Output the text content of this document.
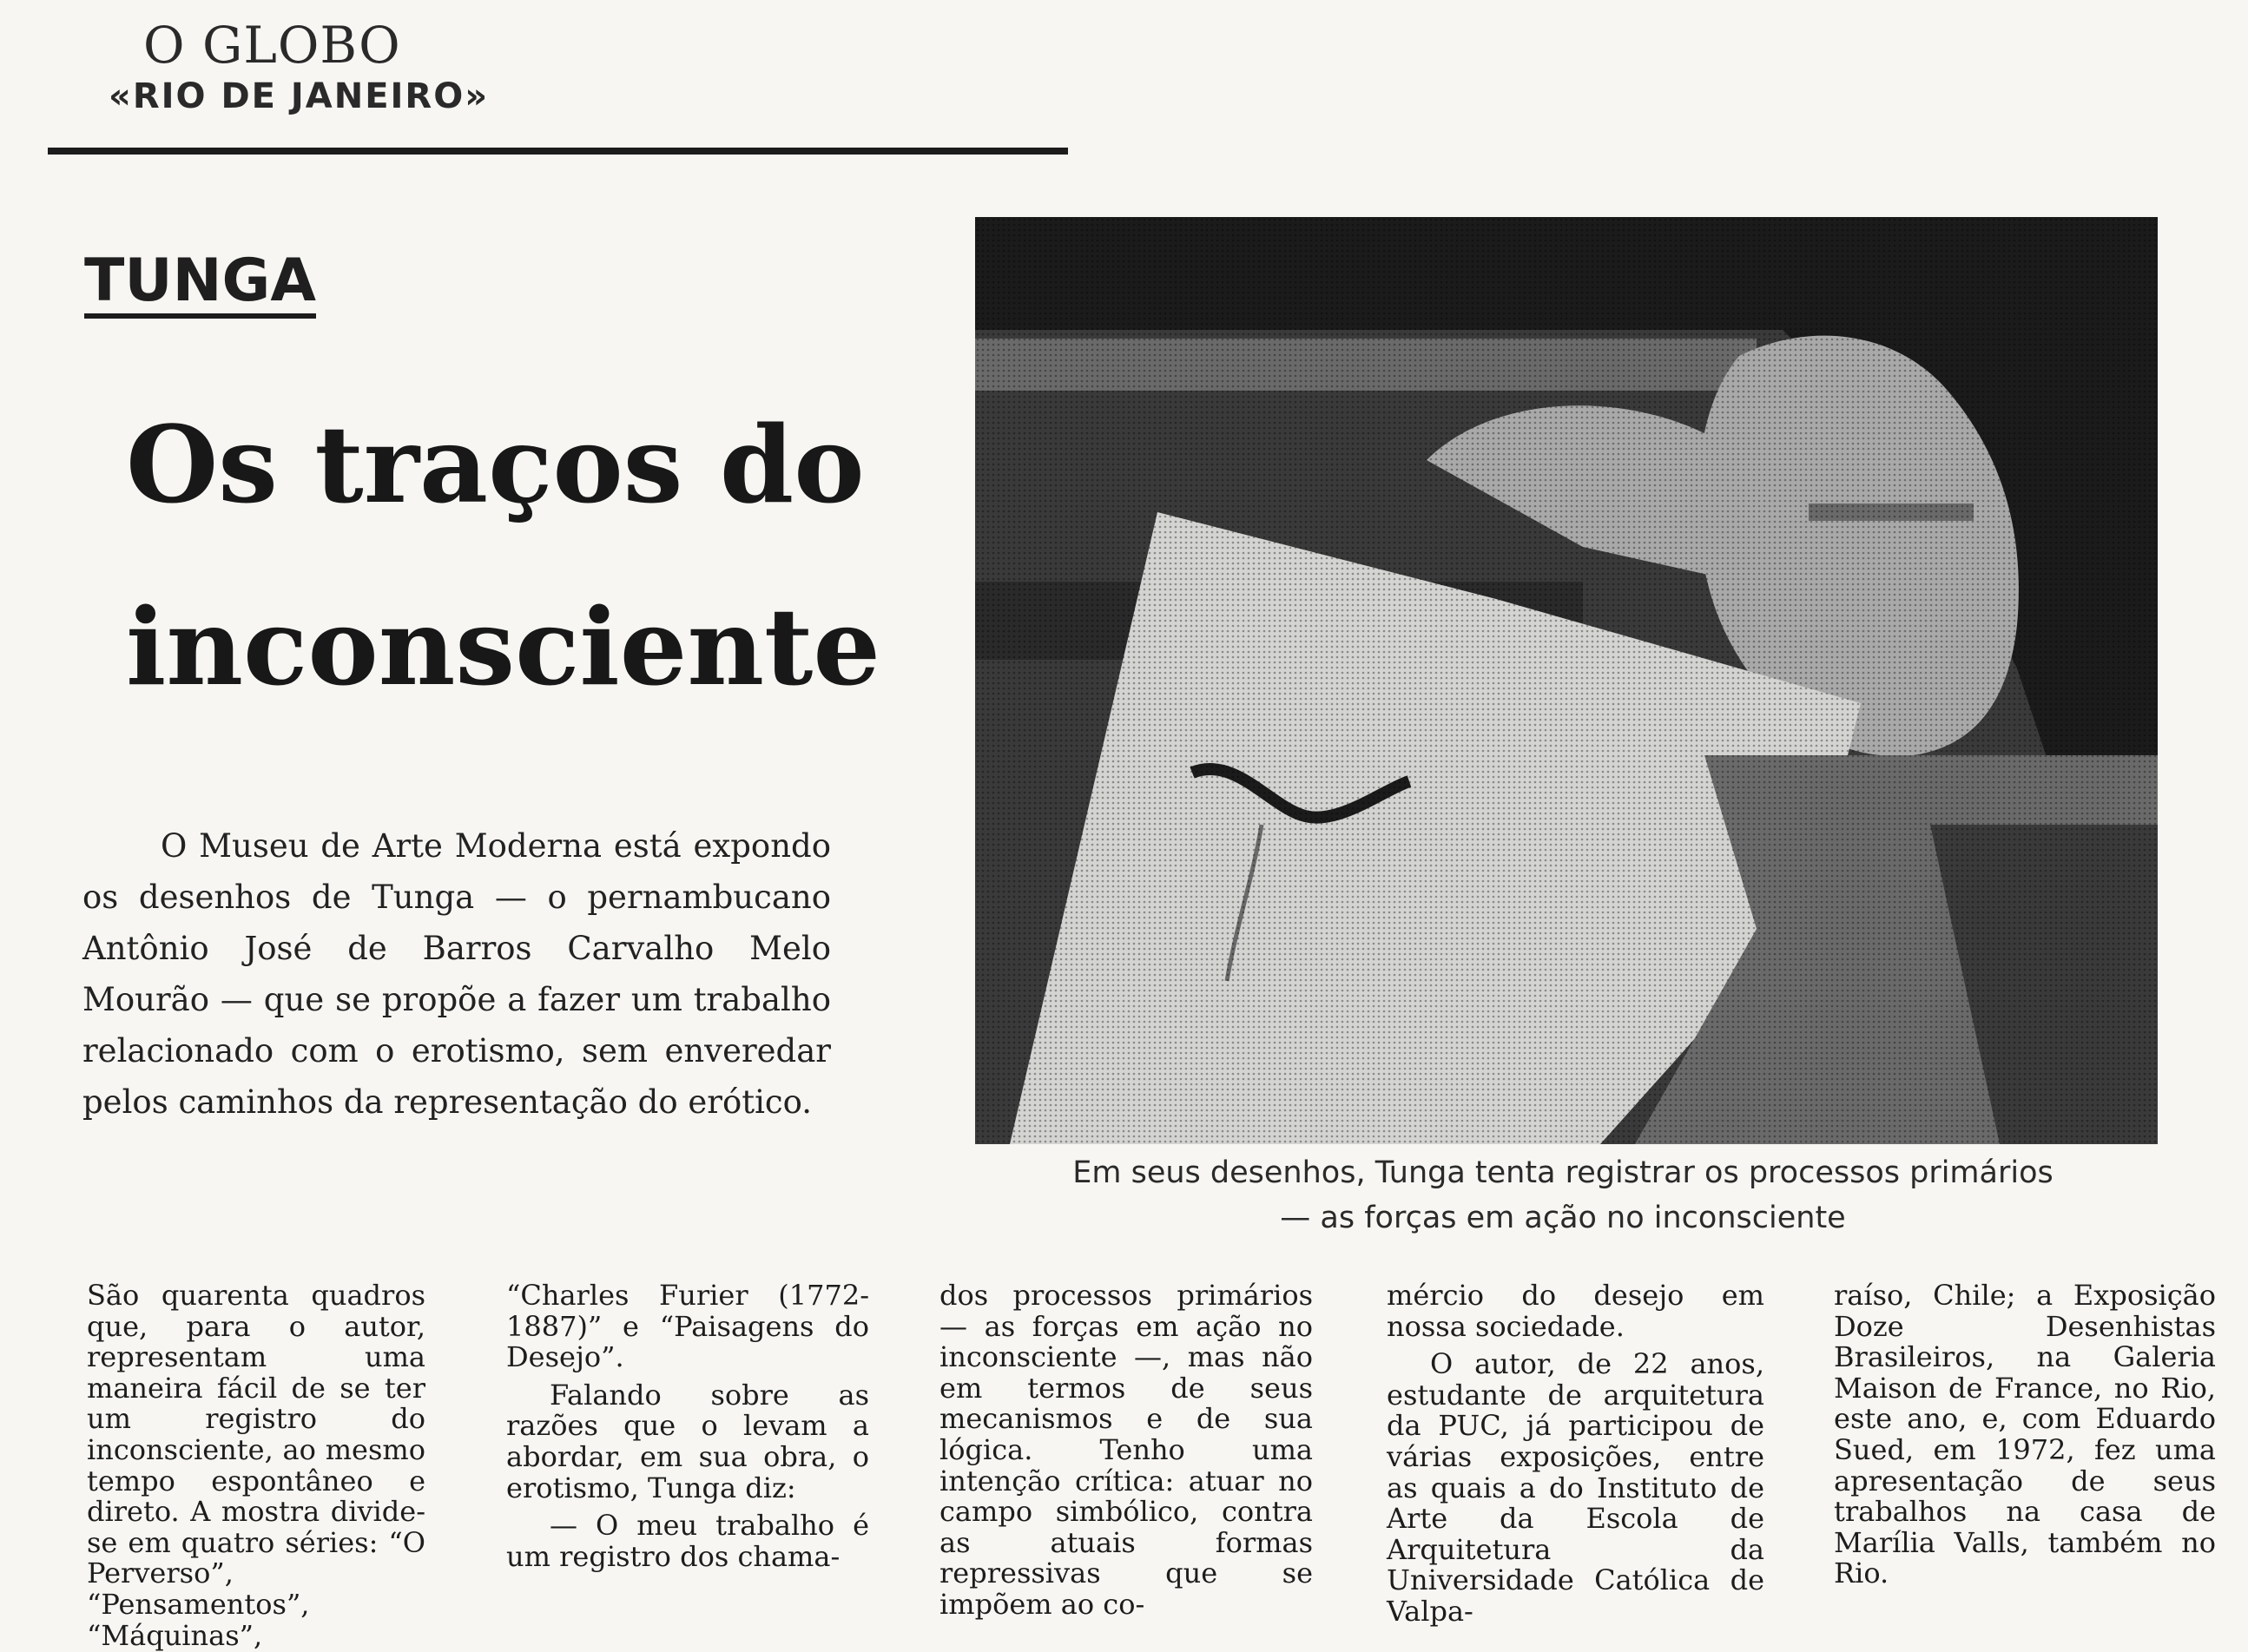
O GLOBO
«RIO DE JANEIRO»
TUNGA
Os traços do inconsciente
O Museu de Arte Moderna está expondo os desenhos de Tunga — o pernambucano Antônio José de Barros Carvalho Melo Mourão — que se propõe a fazer um trabalho relacionado com o erotismo, sem enveredar pelos caminhos da representação do erótico.
Em seus desenhos, Tunga tenta registrar os processos primários
— as forças em ação no inconsciente

São quarenta quadros que, para o autor, representam uma maneira fácil de se ter um registro do inconsciente, ao mesmo tempo espontâneo e direto. A mostra divide-se em quatro séries: “O Perverso”, “Pensamentos”, “Máquinas”,

“Charles Furier (1772-1887)” e “Paisagens do Desejo”.

Falando sobre as razões que o levam a abordar, em sua obra, o erotismo, Tunga diz:

— O meu trabalho é um registro dos chama-

dos processos primários — as forças em ação no inconsciente —, mas não em termos de seus mecanismos e de sua lógica. Tenho uma intenção crítica: atuar no campo simbólico, contra as atuais formas repressivas que se impõem ao co-

mércio do desejo em nossa sociedade.

O autor, de 22 anos, estudante de arquitetura da PUC, já participou de várias exposições, entre as quais a do Instituto de Arte da Escola de Arquitetura da Universidade Católica de Valpa-

raíso, Chile; a Exposição Doze Desenhistas Brasileiros, na Galeria Maison de France, no Rio, este ano, e, com Eduardo Sued, em 1972, fez uma apresentação de seus trabalhos na casa de Marília Valls, também no Rio.
